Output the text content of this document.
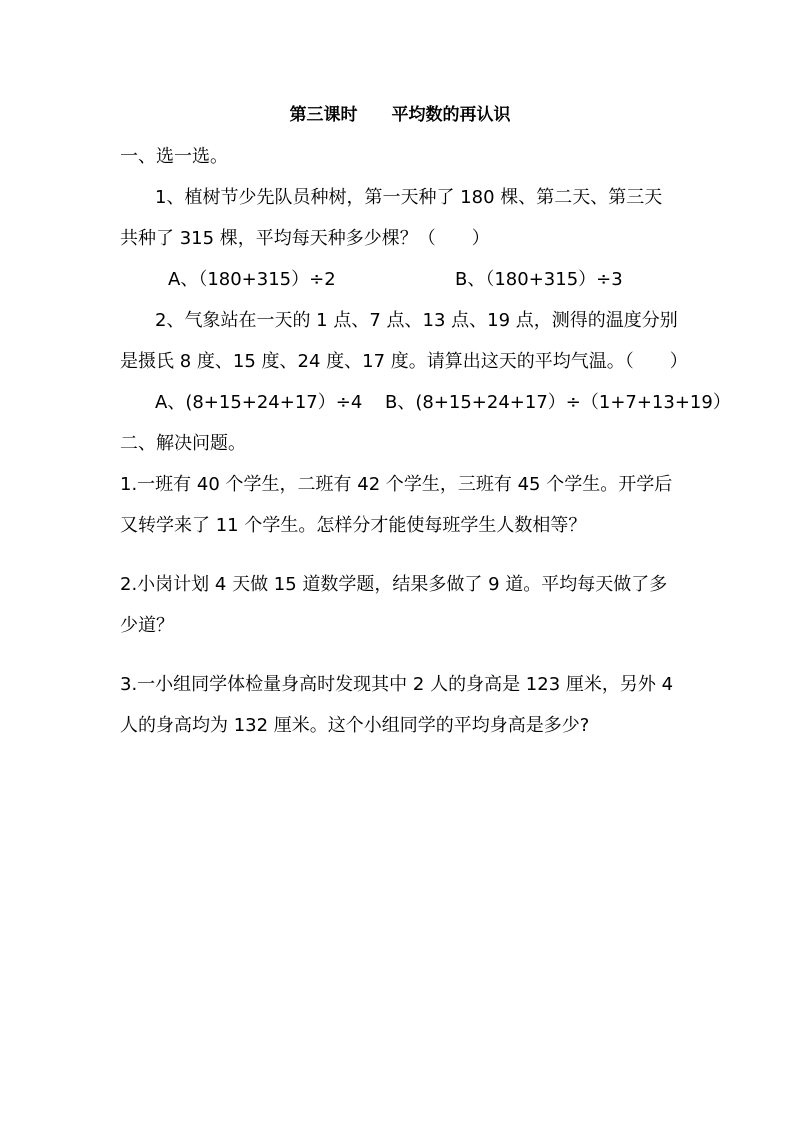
第三课时　　平均数的再认识
一、选一选。
1、植树节少先队员种树，第一天种了 180 棵、第二天、第三天
共种了 315 棵，平均每天种多少棵？（　　）
A、（180+315）÷2	B、（180+315）÷3
2、气象站在一天的 1 点、7 点、13 点、19 点，测得的温度分别
是摄氏 8 度、15 度、24 度、17 度。请算出这天的平均气温。（　　）
A、(8+15+24+17）÷4 B、(8+15+24+17）÷（1+7+13+19）
二、解决问题。
1.一班有 40 个学生，二班有 42 个学生，三班有 45 个学生。开学后
又转学来了 11 个学生。怎样分才能使每班学生人数相等？
2.小岗计划 4 天做 15 道数学题，结果多做了 9 道。平均每天做了多
少道？
3.一小组同学体检量身高时发现其中 2 人的身高是 123 厘米，另外 4
人的身高均为 132 厘米。这个小组同学的平均身高是多少?
